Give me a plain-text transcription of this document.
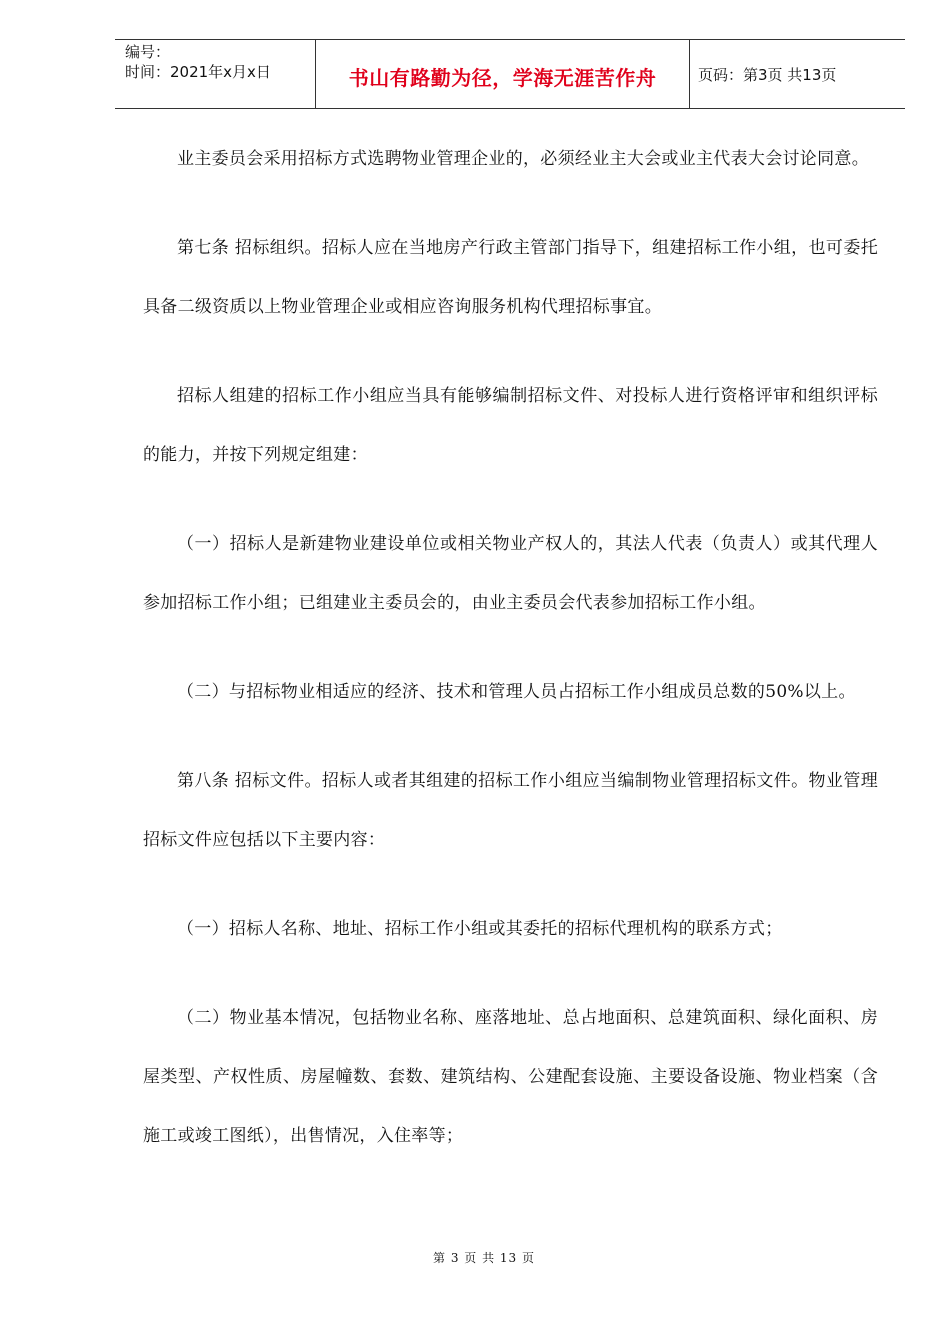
编号：
时间：2021年x月x日	书山有路勤为径，学海无涯苦作舟	页码：第3页 共13页

业主委员会采用招标方式选聘物业管理企业的，必须经业主大会或业主代表大会讨论同意。

第七条 招标组织。招标人应在当地房产行政主管部门指导下，组建招标工作小组，也可委托具备二级资质以上物业管理企业或相应咨询服务机构代理招标事宜。

招标人组建的招标工作小组应当具有能够编制招标文件、对投标人进行资格评审和组织评标的能力，并按下列规定组建：

（一）招标人是新建物业建设单位或相关物业产权人的，其法人代表（负责人）或其代理人参加招标工作小组；已组建业主委员会的，由业主委员会代表参加招标工作小组。

（二）与招标物业相适应的经济、技术和管理人员占招标工作小组成员总数的50%以上。

第八条 招标文件。招标人或者其组建的招标工作小组应当编制物业管理招标文件。物业管理招标文件应包括以下主要内容：

（一）招标人名称、地址、招标工作小组或其委托的招标代理机构的联系方式；

（二）物业基本情况，包括物业名称、座落地址、总占地面积、总建筑面积、绿化面积、房屋类型、产权性质、房屋幢数、套数、建筑结构、公建配套设施、主要设备设施、物业档案（含施工或竣工图纸），出售情况，入住率等；

第 3 页 共 13 页
